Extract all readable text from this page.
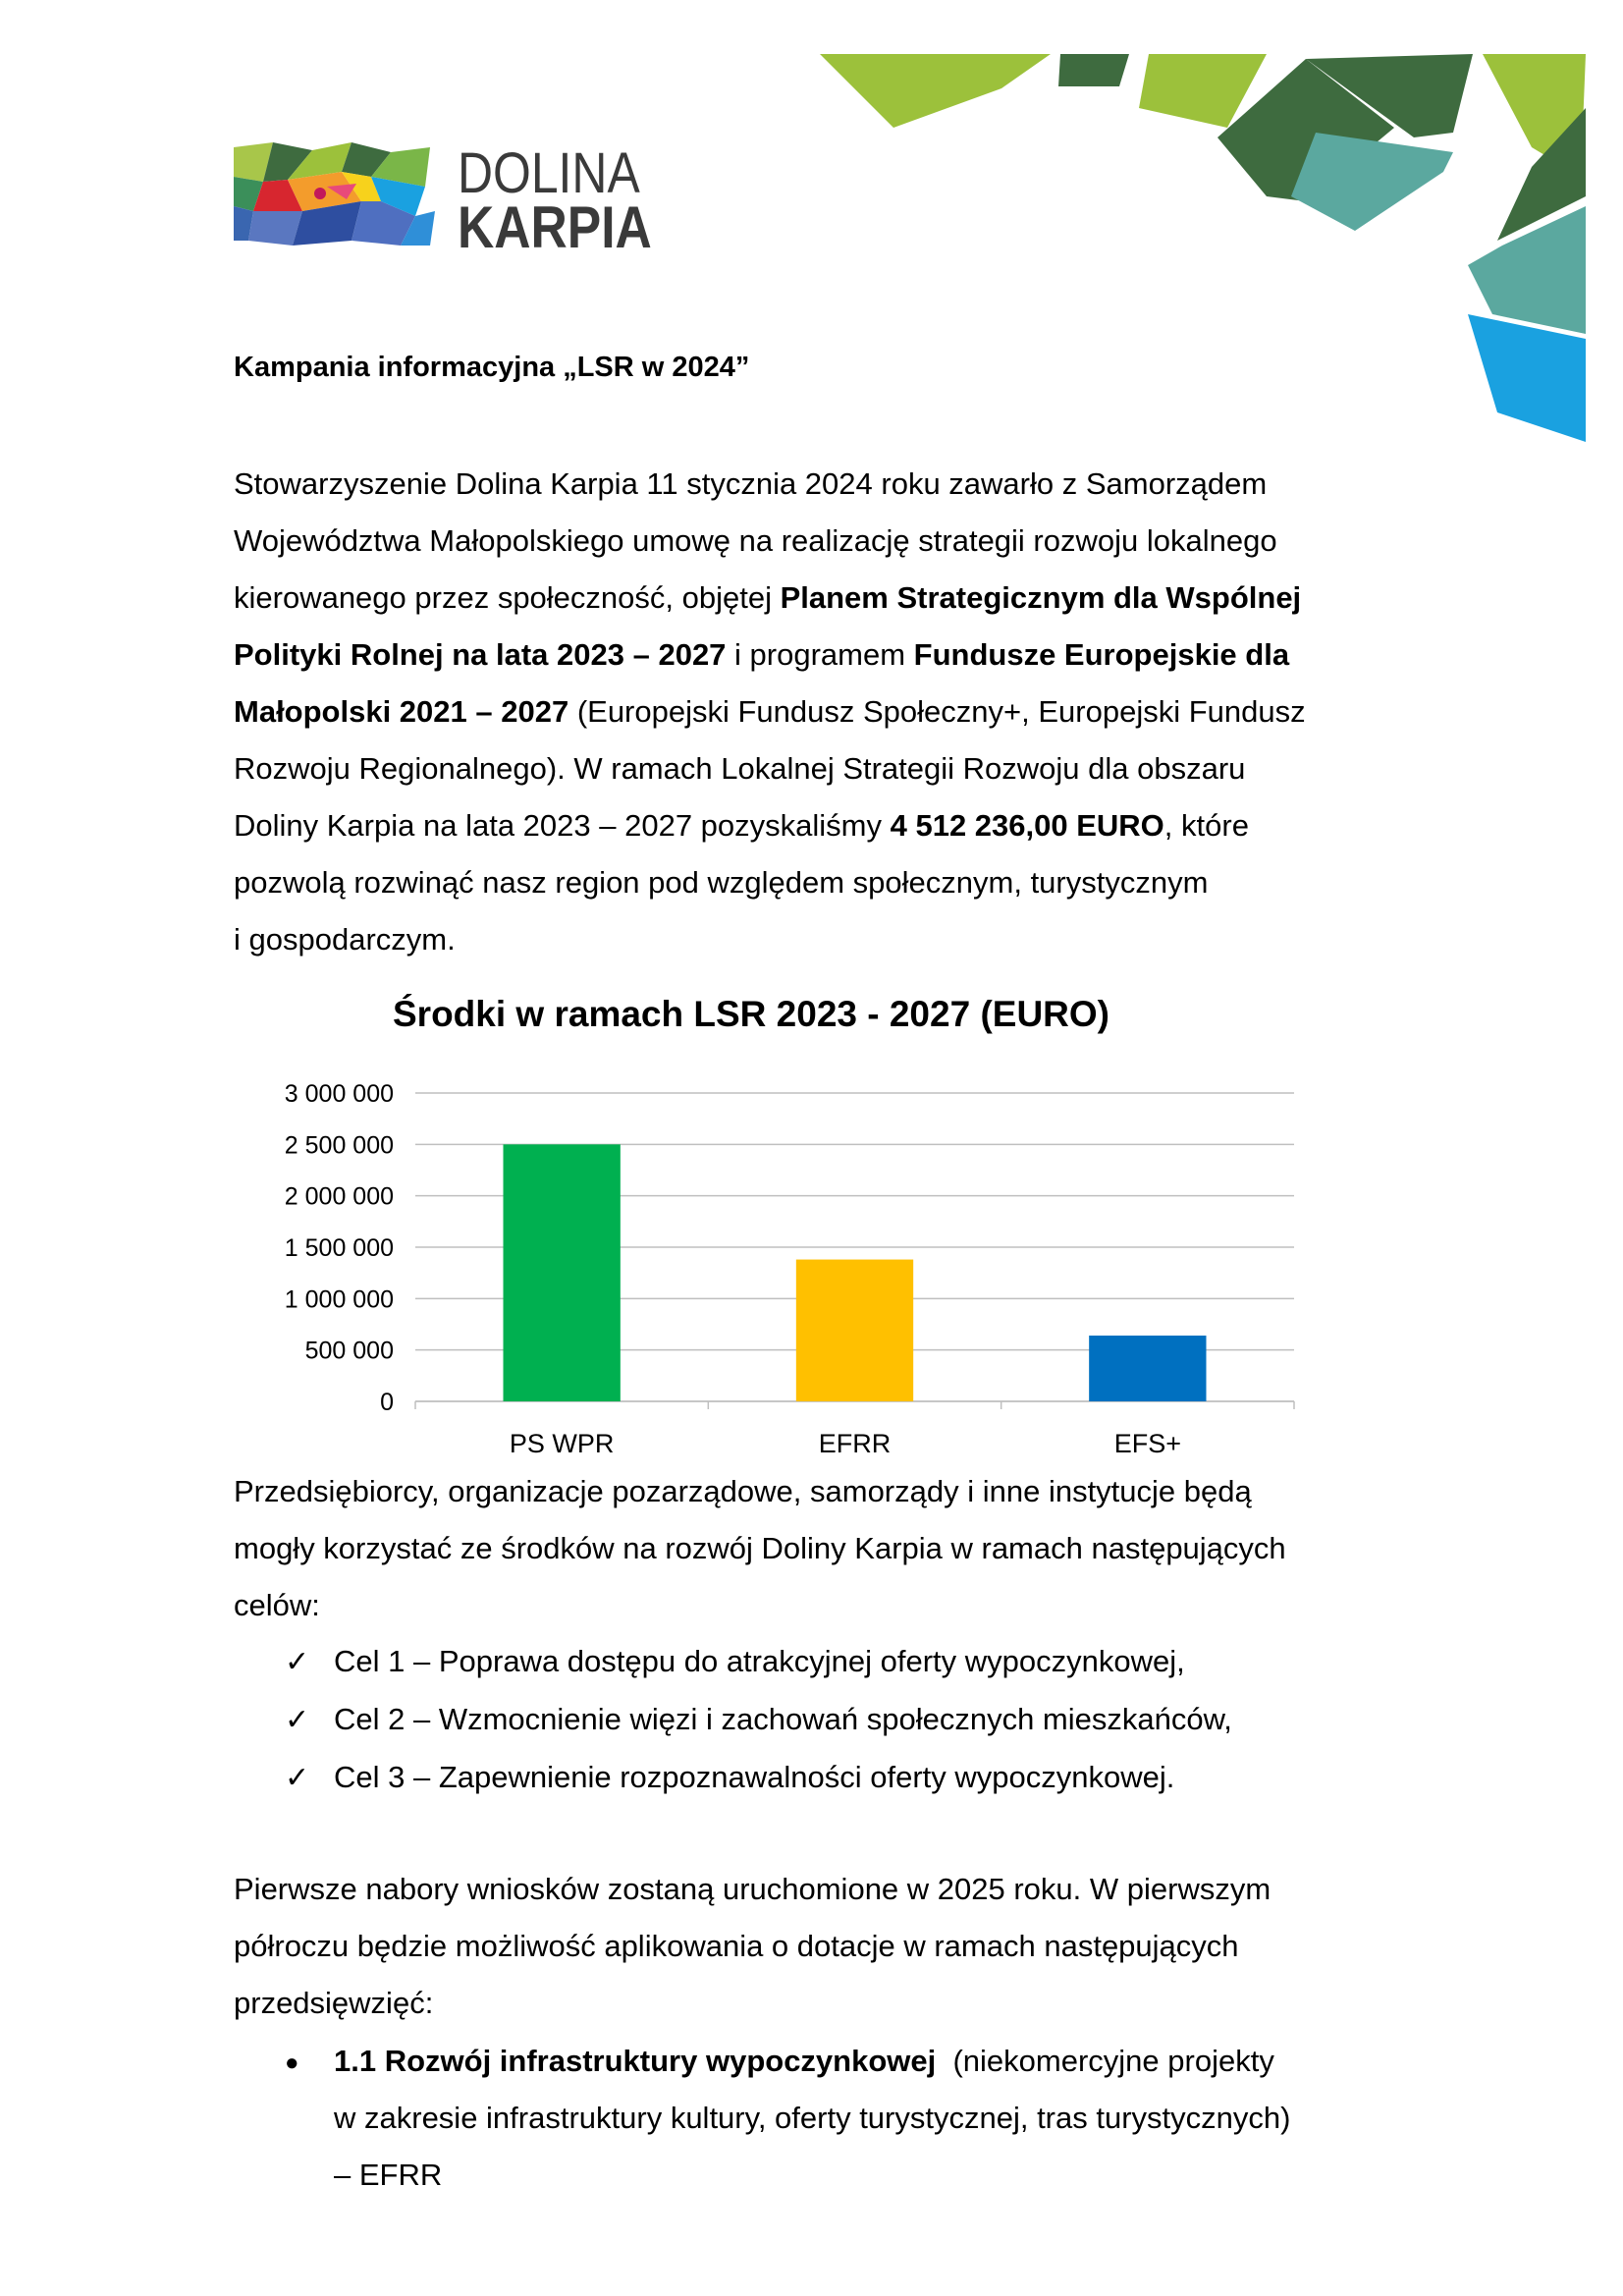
DOLINA
KARPIA
Kampania informacyjna „LSR w 2024”
Stowarzyszenie Dolina Karpia 11 stycznia 2024 roku zawarło z Samorządem
Województwa Małopolskiego umowę na realizację strategii rozwoju lokalnego
kierowanego przez społeczność, objętej Planem Strategicznym dla Wspólnej
Polityki Rolnej na lata 2023 – 2027 i programem Fundusze Europejskie dla
Małopolski 2021 – 2027 (Europejski Fundusz Społeczny+, Europejski Fundusz
Rozwoju Regionalnego). W ramach Lokalnej Strategii Rozwoju dla obszaru
Doliny Karpia na lata 2023 – 2027 pozyskaliśmy 4 512 236,00 EURO, które
pozwolą rozwinąć nasz region pod względem społecznym, turystycznym
i gospodarczym.
Środki w ramach LSR 2023 - 2027 (EURO)
0
500 000
1 000 000
1 500 000
2 000 000
2 500 000
3 000 000
PS WPR	EFRR	EFS+
Przedsiębiorcy, organizacje pozarządowe, samorządy i inne instytucje będą
mogły korzystać ze środków na rozwój Doliny Karpia w ramach następujących
celów:
✓ Cel 1 – Poprawa dostępu do atrakcyjnej oferty wypoczynkowej,
✓ Cel 2 – Wzmocnienie więzi i zachowań społecznych mieszkańców,
✓ Cel 3 – Zapewnienie rozpoznawalności oferty wypoczynkowej.
Pierwsze nabory wniosków zostaną uruchomione w 2025 roku. W pierwszym
półroczu będzie możliwość aplikowania o dotacje w ramach następujących
przedsięwzięć:
●	1.1 Rozwój infrastruktury wypoczynkowej  (niekomercyjne projekty
w zakresie infrastruktury kultury, oferty turystycznej, tras turystycznych)
– EFRR
